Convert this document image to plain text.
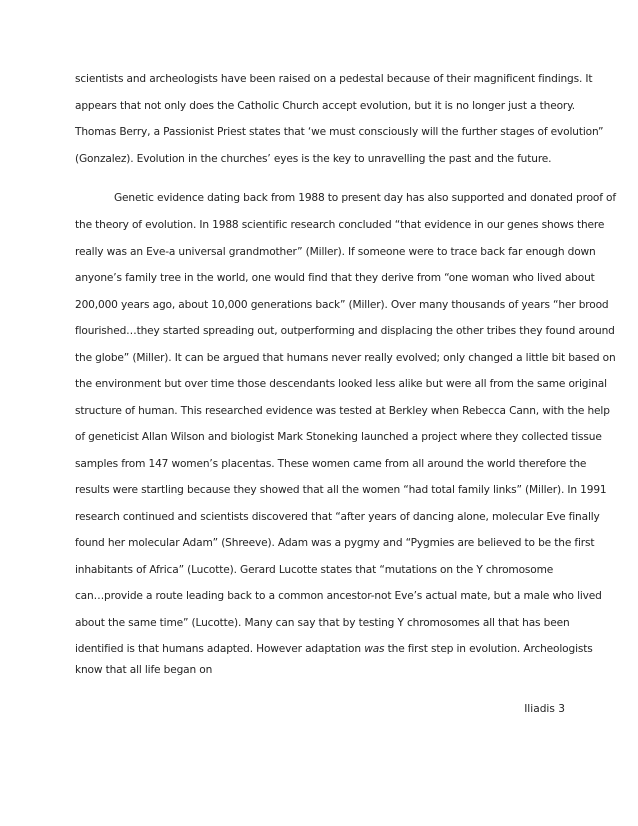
scientists and archeologists have been raised on a pedestal because of their magnificent findings. It
appears that not only does the Catholic Church accept evolution, but it is no longer just a theory.
Thomas Berry, a Passionist Priest states that ‘we must consciously will the further stages of evolution”
(Gonzalez). Evolution in the churches’ eyes is the key to unravelling the past and the future.
Genetic evidence dating back from 1988 to present day has also supported and donated proof of
the theory of evolution. In 1988 scientific research concluded “that evidence in our genes shows there
really was an Eve-a universal grandmother” (Miller). If someone were to trace back far enough down
anyone’s family tree in the world, one would find that they derive from “one woman who lived about
200,000 years ago, about 10,000 generations back” (Miller). Over many thousands of years “her brood
flourished…they started spreading out, outperforming and displacing the other tribes they found around
the globe” (Miller). It can be argued that humans never really evolved; only changed a little bit based on
the environment but over time those descendants looked less alike but were all from the same original
structure of human. This researched evidence was tested at Berkley when Rebecca Cann, with the help
of geneticist Allan Wilson and biologist Mark Stoneking launched a project where they collected tissue
samples from 147 women’s placentas. These women came from all around the world therefore the
results were startling because they showed that all the women “had total family links” (Miller). In 1991
research continued and scientists discovered that “after years of dancing alone, molecular Eve finally
found her molecular Adam” (Shreeve). Adam was a pygmy and “Pygmies are believed to be the first
inhabitants of Africa” (Lucotte). Gerard Lucotte states that “mutations on the Y chromosome
can…provide a route leading back to a common ancestor-not Eve’s actual mate, but a male who lived
about the same time” (Lucotte). Many can say that by testing Y chromosomes all that has been
identified is that humans adapted. However adaptation was the first step in evolution. Archeologists
know that all life began on
Iliadis 3
